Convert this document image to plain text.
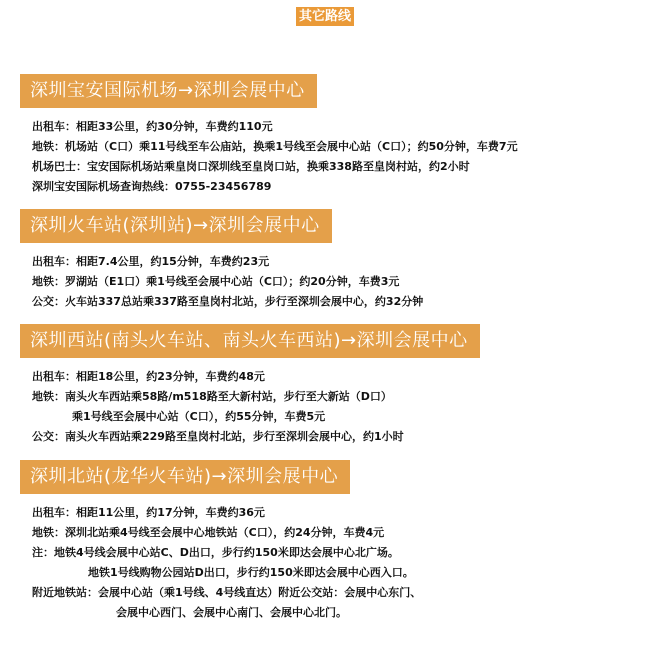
其它路线
深圳宝安国际机场→深圳会展中心
出租车：相距33公里，约30分钟，车费约110元
地铁：机场站（C口）乘11号线至车公庙站，换乘1号线至会展中心站（C口）；约50分钟，车费7元
机场巴士：宝安国际机场站乘皇岗口深圳线至皇岗口站，换乘338路至皇岗村站，约2小时
深圳宝安国际机场查询热线：0755-23456789
深圳火车站(深圳站)→深圳会展中心
出租车：相距7.4公里，约15分钟，车费约23元
地铁：罗湖站（E1口）乘1号线至会展中心站（C口）；约20分钟，车费3元
公交：火车站337总站乘337路至皇岗村北站，步行至深圳会展中心，约32分钟
深圳西站(南头火车站、南头火车西站)→深圳会展中心
出租车：相距18公里，约23分钟，车费约48元
地铁：南头火车西站乘58路/m518路至大新村站，步行至大新站（D口）
乘1号线至会展中心站（C口），约55分钟，车费5元
公交：南头火车西站乘229路至皇岗村北站，步行至深圳会展中心，约1小时
深圳北站(龙华火车站)→深圳会展中心
出租车：相距11公里，约17分钟，车费约36元
地铁：深圳北站乘4号线至会展中心地铁站（C口），约24分钟，车费4元
注：地铁4号线会展中心站C、D出口，步行约150米即达会展中心北广场。
地铁1号线购物公园站D出口，步行约150米即达会展中心西入口。
附近地铁站：会展中心站（乘1号线、4号线直达）附近公交站：会展中心东门、
会展中心西门、会展中心南门、会展中心北门。
